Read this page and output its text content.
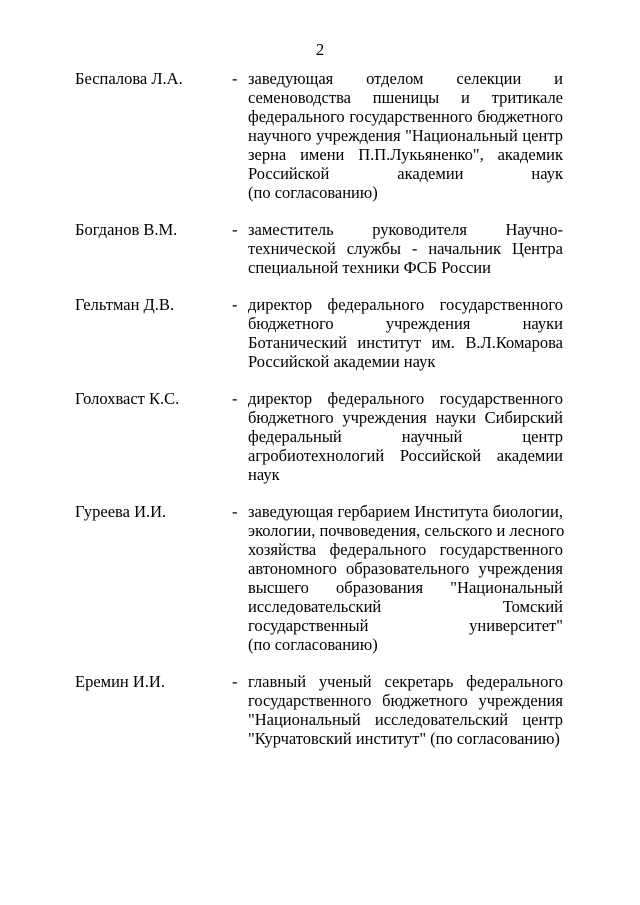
2
Беспалова Л.А.	- заведующая отделом селекции и
семеноводства пшеницы и тритикале
федерального государственного бюджетного
научного учреждения "Национальный центр
зерна имени П.П.Лукьяненко", академик
Российской академии наук
(по согласованию)
Богданов В.М.	- заместитель руководителя Научно-
технической службы - начальник Центра
специальной техники ФСБ России
Гельтман Д.В.	- директор федерального государственного
бюджетного учреждения науки
Ботанический институт им. В.Л.Комарова
Российской академии наук
Голохваст К.С.	- директор федерального государственного
бюджетного учреждения науки Сибирский
федеральный научный центр
агробиотехнологий Российской академии
наук
Гуреева И.И.	- заведующая гербарием Института биологии,
экологии, почвоведения, сельского и лесного
хозяйства федерального государственного
автономного образовательного учреждения
высшего образования "Национальный
исследовательский Томский
государственный университет"
(по согласованию)
Еремин И.И.	- главный ученый секретарь федерального
государственного бюджетного учреждения
"Национальный исследовательский центр
"Курчатовский институт" (по согласованию)
